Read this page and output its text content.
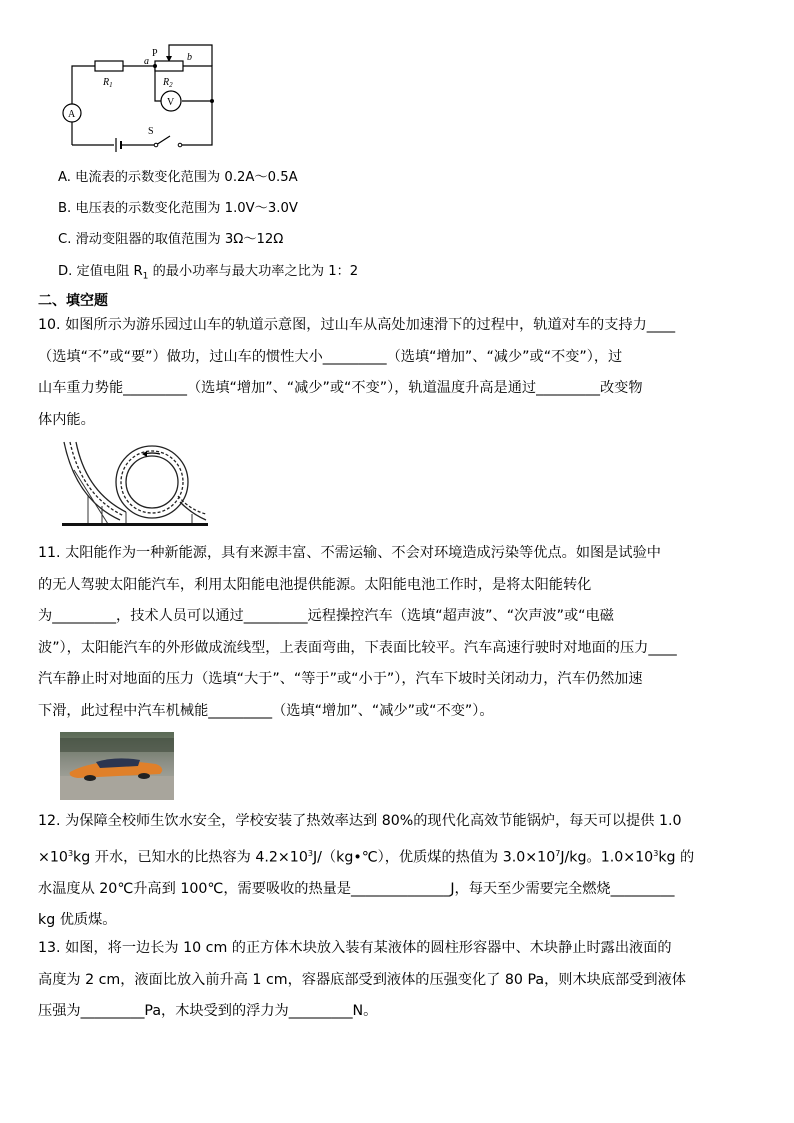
A
V
P
a	b
S
$R_1$	$R_2$
A. 电流表的示数变化范围为 0.2A～0.5A
B. 电压表的示数变化范围为 1.0V～3.0V
C. 滑动变阻器的取值范围为 3Ω～12Ω
D. 定值电阻 $R_1$ 的最小功率与最大功率之比为 1：2
二、填空题
10. 如图所示为游乐园过山车的轨道示意图，过山车从高处加速滑下的过程中，轨道对车的支持力____
（选填“不”或“要”）做功，过山车的惯性大小_________（选填“增加”、“减少”或“不变”），过
山车重力势能_________（选填“增加”、“减少”或“不变”），轨道温度升高是通过_________改变物
体内能。
11. 太阳能作为一种新能源，具有来源丰富、不需运输、不会对环境造成污染等优点。如图是试验中
的无人驾驶太阳能汽车，利用太阳能电池提供能源。太阳能电池工作时，是将太阳能转化
为_________，技术人员可以通过_________远程操控汽车（选填“超声波”、“次声波”或“电磁
波”），太阳能汽车的外形做成流线型，上表面弯曲，下表面比较平。汽车高速行驶时对地面的压力____
汽车静止时对地面的压力（选填“大于”、“等于”或“小于”），汽车下坡时关闭动力，汽车仍然加速
下滑，此过程中汽车机械能_________（选填“增加”、“减少”或“不变”）。
12. 为保障全校师生饮水安全，学校安装了热效率达到 80%的现代化高效节能锅炉，每天可以提供 1.0
$\times 10^3kg$ 开水，已知水的比热容为 $4.2\times 10^3J/(kg•℃)$，优质煤的热值为 $3.0\times 10^7J/kg$。$1.0\times 10^3kg$ 的
水温度从 20℃升高到 100℃，需要吸收的热量是______________J，每天至少需要完全燃烧_________
kg 优质煤。
13. 如图，将一边长为 10 cm 的正方体木块放入装有某液体的圆柱形容器中、木块静止时露出液面的
高度为 2 cm，液面比放入前升高 1 cm，容器底部受到液体的压强变化了 80 Pa，则木块底部受到液体
压强为_________Pa，木块受到的浮力为_________N。
